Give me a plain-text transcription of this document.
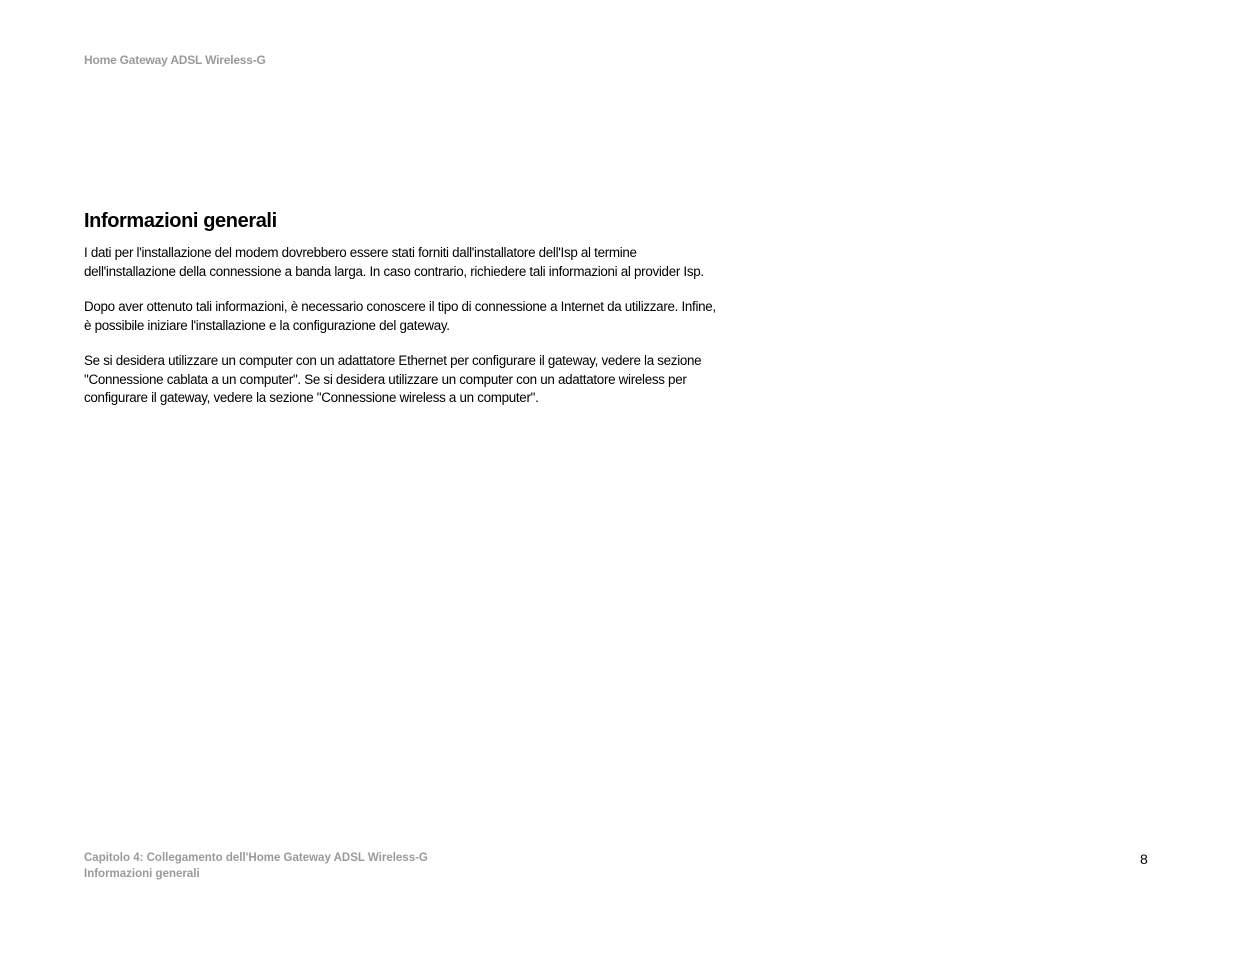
Home Gateway ADSL Wireless-G
Informazioni generali

I dati per l'installazione del modem dovrebbero essere stati forniti dall'installatore dell'Isp al termine
dell'installazione della connessione a banda larga. In caso contrario, richiedere tali informazioni al provider Isp.

Dopo aver ottenuto tali informazioni, è necessario conoscere il tipo di connessione a Internet da utilizzare. Infine,
è possibile iniziare l'installazione e la configurazione del gateway.

Se si desidera utilizzare un computer con un adattatore Ethernet per configurare il gateway, vedere la sezione
"Connessione cablata a un computer". Se si desidera utilizzare un computer con un adattatore wireless per
configurare il gateway, vedere la sezione "Connessione wireless a un computer".

Capitolo 4: Collegamento dell'Home Gateway ADSL Wireless-G
Informazioni generali
8
